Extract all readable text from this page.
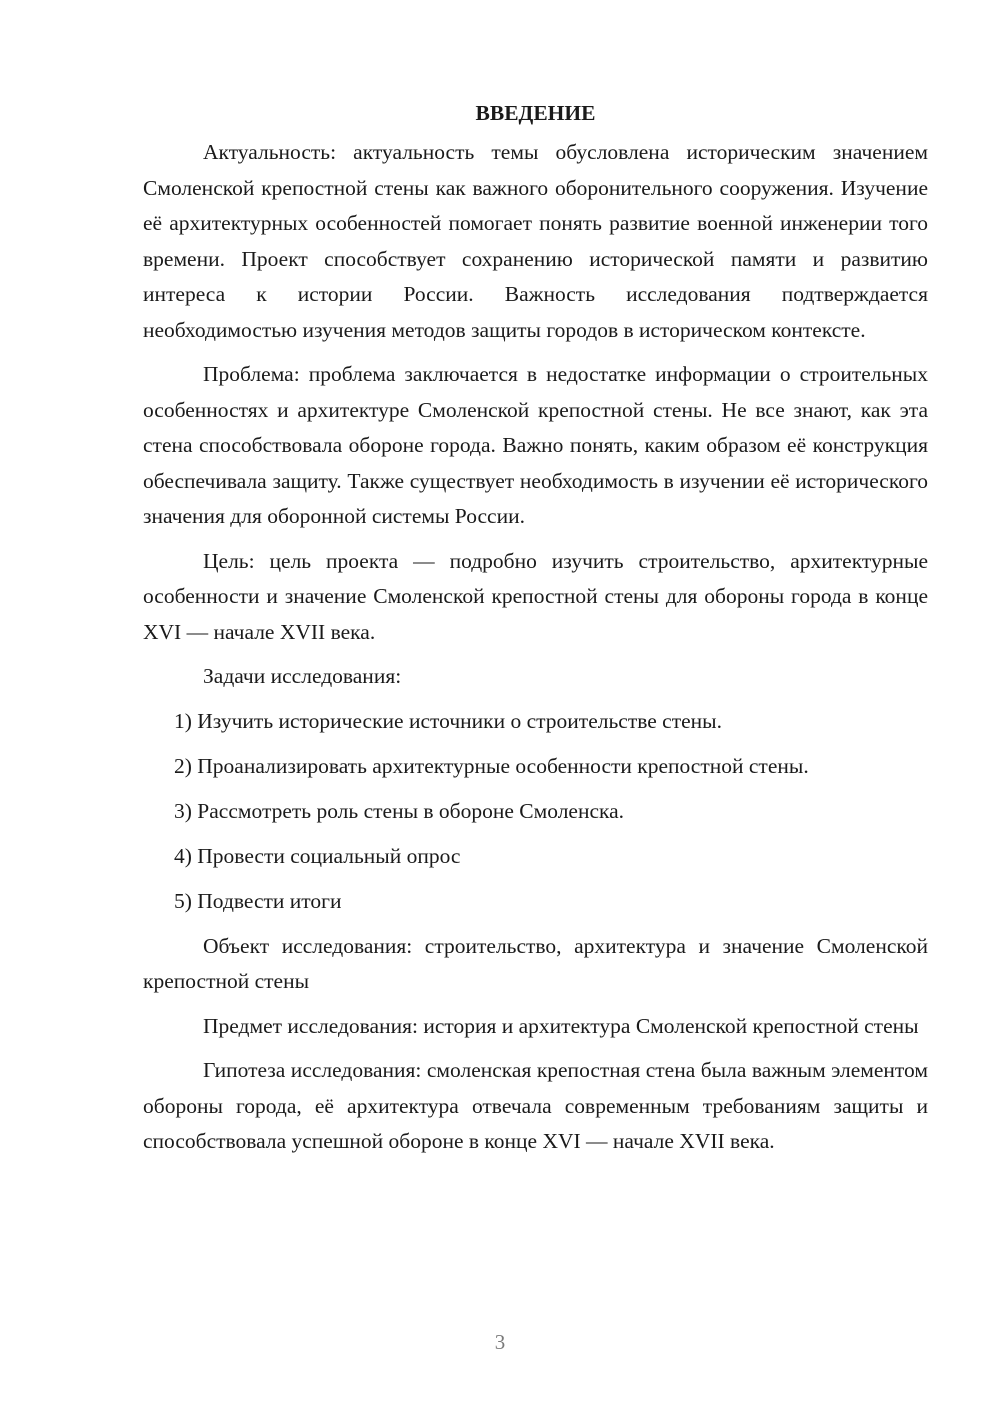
ВВЕДЕНИЕ

Актуальность: актуальность темы обусловлена историческим значением Смоленской крепостной стены как важного оборонительного сооружения. Изучение её архитектурных особенностей помогает понять развитие военной инженерии того времени. Проект способствует сохранению исторической памяти и развитию интереса к истории России. Важность исследования подтверждается необходимостью изучения методов защиты городов в историческом контексте.

Проблема: проблема заключается в недостатке информации о строительных особенностях и архитектуре Смоленской крепостной стены. Не все знают, как эта стена способствовала обороне города. Важно понять, каким образом её конструкция обеспечивала защиту. Также существует необходимость в изучении её исторического значения для оборонной системы России.

Цель: цель проекта — подробно изучить строительство, архитектурные особенности и значение Смоленской крепостной стены для обороны города в конце XVI — начале XVII века.

Задачи исследования:

1) Изучить исторические источники о строительстве стены.
2) Проанализировать архитектурные особенности крепостной стены.
3) Рассмотреть роль стены в обороне Смоленска.
4) Провести социальный опрос
5) Подвести итоги

Объект исследования: строительство, архитектура и значение Смоленской крепостной стены

Предмет исследования: история и архитектура Смоленской крепостной стены

Гипотеза исследования: смоленская крепостная стена была важным элементом обороны города, её архитектура отвечала современным требованиям защиты и способствовала успешной обороне в конце XVI — начале XVII века.

3
